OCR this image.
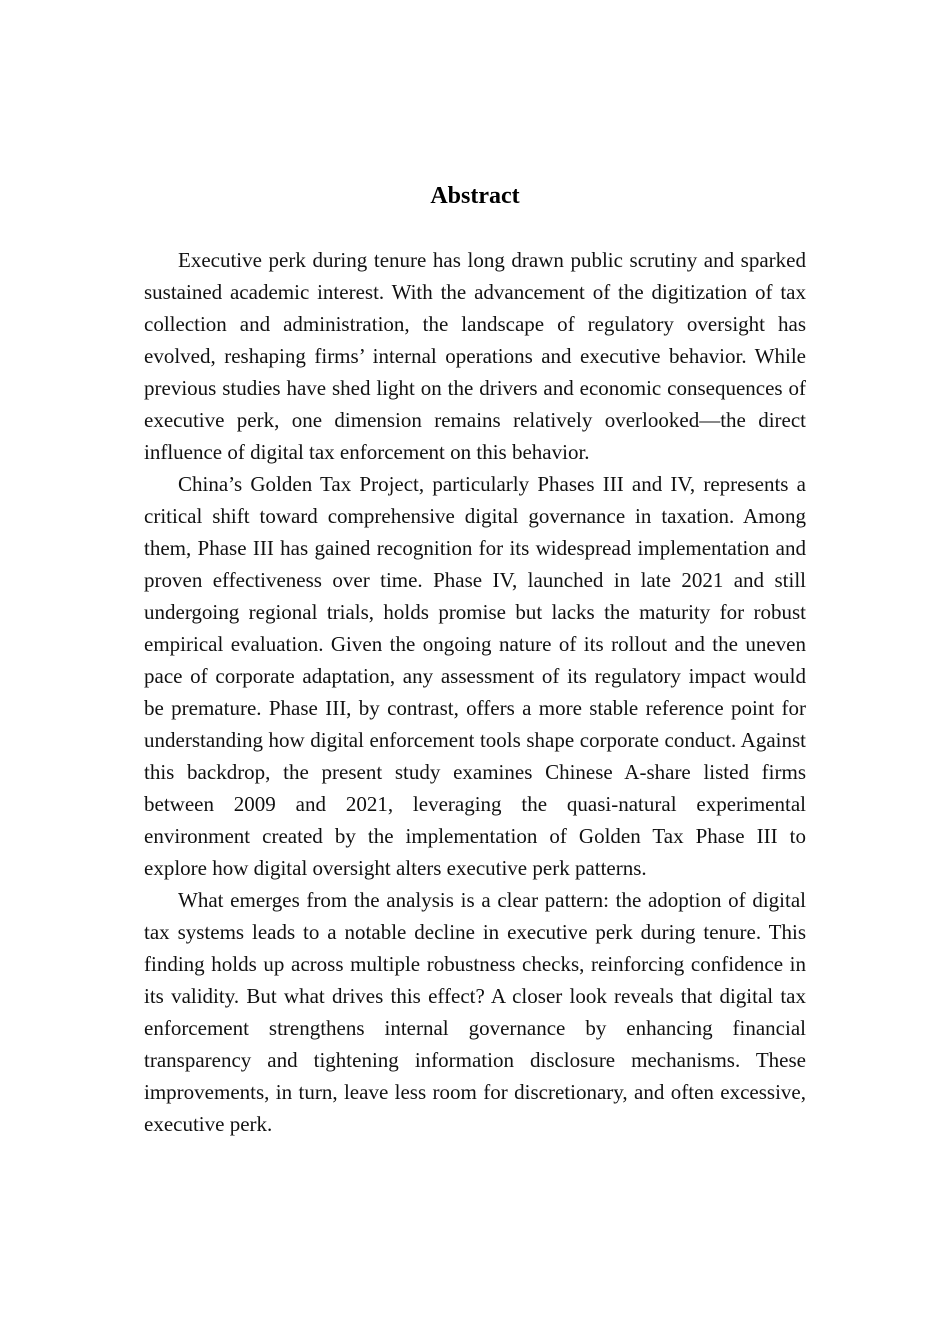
Abstract

Executive perk during tenure has long drawn public scrutiny and sparked sustained academic interest. With the advancement of the digitization of tax collection and administration, the landscape of regulatory oversight has evolved, reshaping firms’ internal operations and executive behavior. While previous studies have shed light on the drivers and economic consequences of executive perk, one dimension remains relatively overlooked—the direct influence of digital tax enforcement on this behavior.

China’s Golden Tax Project, particularly Phases III and IV, represents a critical shift toward comprehensive digital governance in taxation. Among them, Phase III has gained recognition for its widespread implementation and proven effectiveness over time. Phase IV, launched in late 2021 and still undergoing regional trials, holds promise but lacks the maturity for robust empirical evaluation. Given the ongoing nature of its rollout and the uneven pace of corporate adaptation, any assessment of its regulatory impact would be premature. Phase III, by contrast, offers a more stable reference point for understanding how digital enforcement tools shape corporate conduct. Against this backdrop, the present study examines Chinese A-share listed firms between 2009 and 2021, leveraging the quasi-natural experimental environment created by the implementation of Golden Tax Phase III to explore how digital oversight alters executive perk patterns.

What emerges from the analysis is a clear pattern: the adoption of digital tax systems leads to a notable decline in executive perk during tenure. This finding holds up across multiple robustness checks, reinforcing confidence in its validity. But what drives this effect? A closer look reveals that digital tax enforcement strengthens internal governance by enhancing financial transparency and tightening information disclosure mechanisms. These improvements, in turn, leave less room for discretionary, and often excessive, executive perk.
